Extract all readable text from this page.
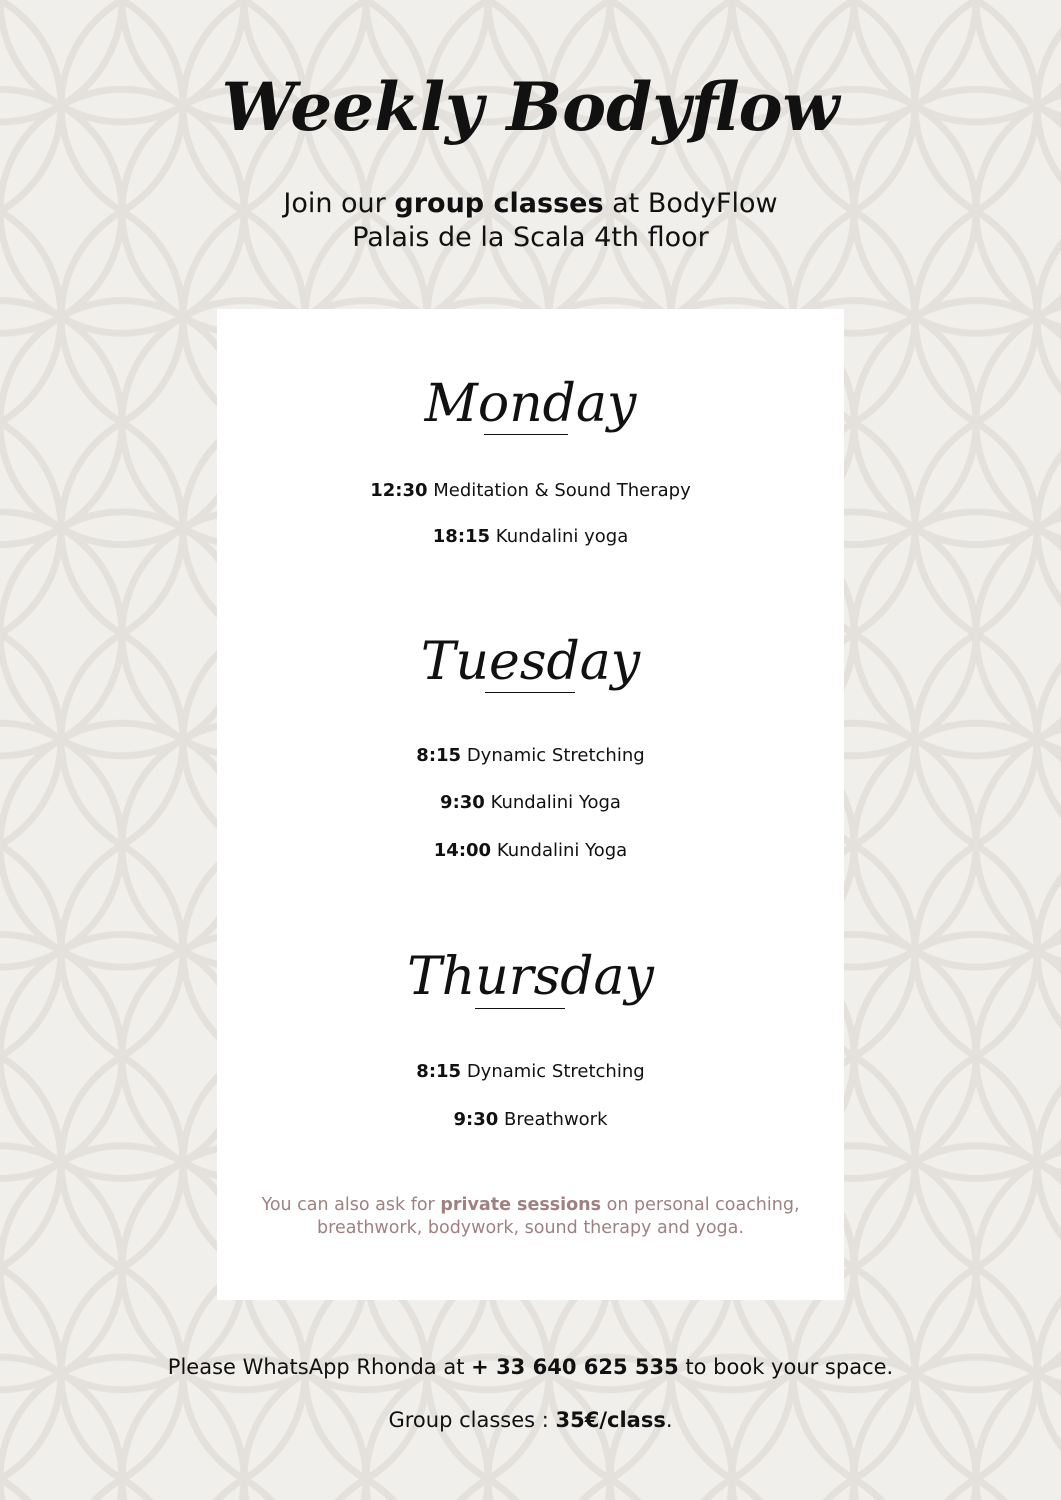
Weekly Bodyflow
Join our group classes at BodyFlow
Palais de la Scala 4th floor
Monday
12:30 Meditation & Sound Therapy
18:15 Kundalini yoga
Tuesday
8:15 Dynamic Stretching
9:30 Kundalini Yoga
14:00 Kundalini Yoga
Thursday
8:15 Dynamic Stretching
9:30 Breathwork
You can also ask for private sessions on personal coaching, breathwork, bodywork, sound therapy and yoga.
Please WhatsApp Rhonda at + 33 640 625 535 to book your space.
Group classes : 35€/class.
